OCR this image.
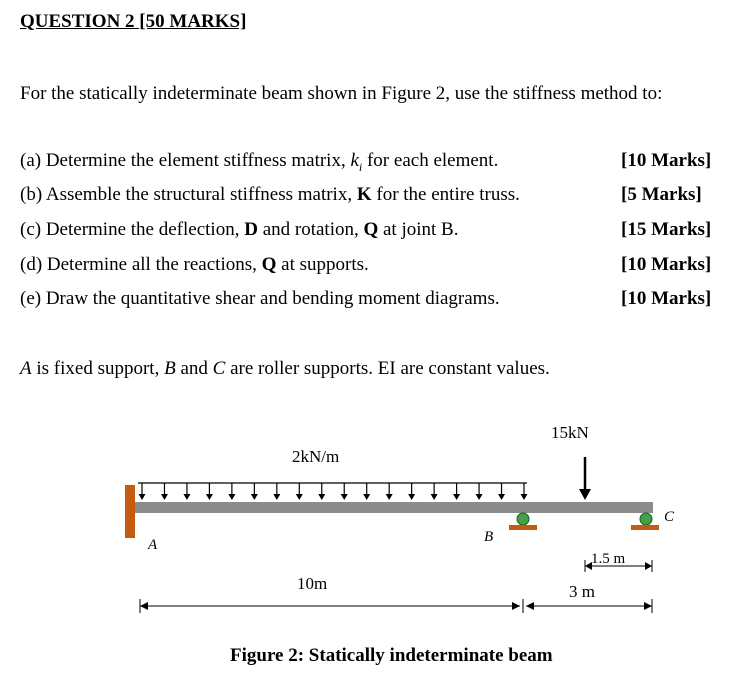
QUESTION 2 [50 MARKS]
For the statically indeterminate beam shown in Figure 2, use the stiffness method to:
(a) Determine the element stiffness matrix, $k_i$ for each element.	[10 Marks]
(b) Assemble the structural stiffness matrix, K for the entire truss.	[5 Marks]
(c) Determine the deflection, D and rotation, Q at joint B.	[15 Marks]
(d) Determine all the reactions, Q at supports.	[10 Marks]
(e) Draw the quantitative shear and bending moment diagrams.	[10 Marks]
A is fixed support, B and C are roller supports. EI are constant values.
2kN/m
15kN
A	B
C
1.5 m
10m	3 m
Figure 2: Statically indeterminate beam
